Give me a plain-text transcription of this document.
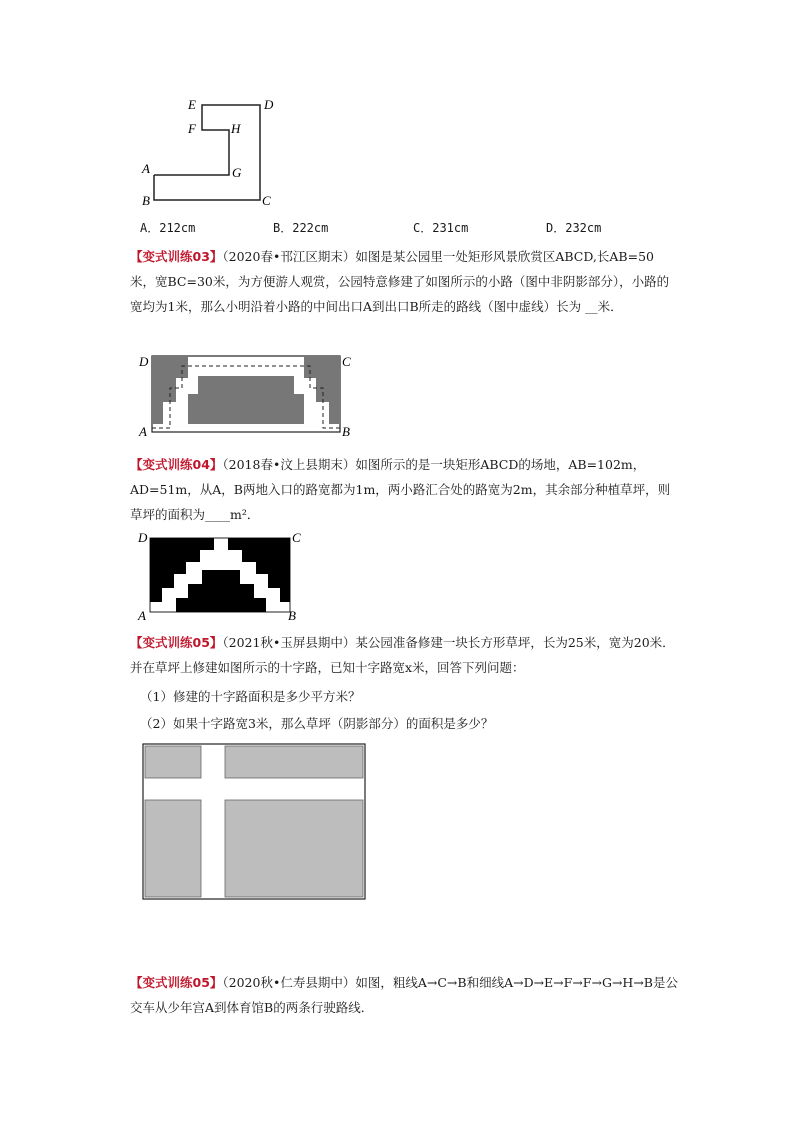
E	D
F	H
A	G
B	C
A．212cm	B．222cm	C．231cm	D．232cm
【变式训练03】（2020春•邗江区期末）如图是某公园里一处矩形风景欣赏区ABCD,长AB=50米，宽BC=30米，为方便游人观赏，公园特意修建了如图所示的小路（图中非阴影部分），小路的宽均为1米，那么小明沿着小路的中间出口A到出口B所走的路线（图中虚线）长为 __米．
D	C
A	B
【变式训练04】（2018春•汶上县期末）如图所示的是一块矩形ABCD的场地，AB=102m，AD=51m，从A，B两地入口的路宽都为1m，两小路汇合处的路宽为2m，其余部分种植草坪，则草坪的面积为____m²．
D	C
A	B
【变式训练05】（2021秋•玉屏县期中）某公园准备修建一块长方形草坪，长为25米，宽为20米．并在草坪上修建如图所示的十字路，已知十字路宽x米，回答下列问题：
（1）修建的十字路面积是多少平方米？
（2）如果十字路宽3米，那么草坪（阴影部分）的面积是多少？
【变式训练05】（2020秋•仁寿县期中）如图，粗线A→C→B和细线A→D→E→F→F→G→H→B是公交车从少年宫A到体育馆B的两条行驶路线．
